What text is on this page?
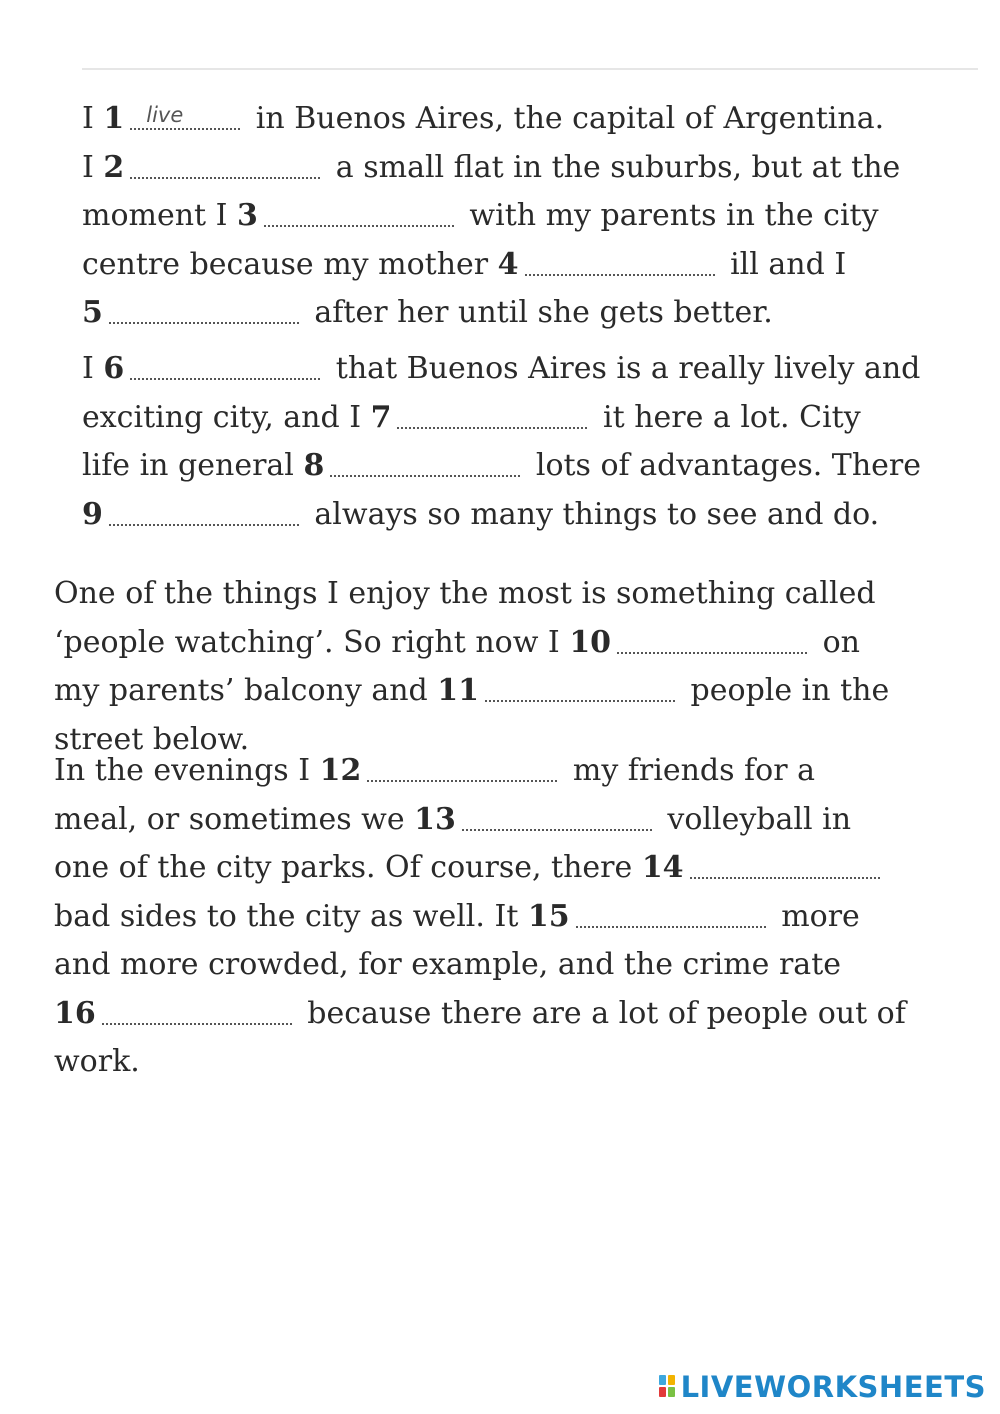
I 1 live in Buenos Aires, the capital of Argentina.
I 2	a small flat in the suburbs, but at the
moment I 3	with my parents in the city
centre because my mother 4	ill and I
5	after her until she gets better.
I 6	that Buenos Aires is a really lively and
exciting city, and I 7	it here a lot. City
life in general 8	lots of advantages. There
9	always so many things to see and do.
One of the things I enjoy the most is something called
‘people watching’. So right now I 10	on
my parents’ balcony and 11	people in the
street below.
In the evenings I 12	my friends for a
meal, or sometimes we 13	volleyball in
one of the city parks. Of course, there 14
bad sides to the city as well. It 15	more
and more crowded, for example, and the crime rate
16	because there are a lot of people out of
work.
LIVEWORKSHEETS
